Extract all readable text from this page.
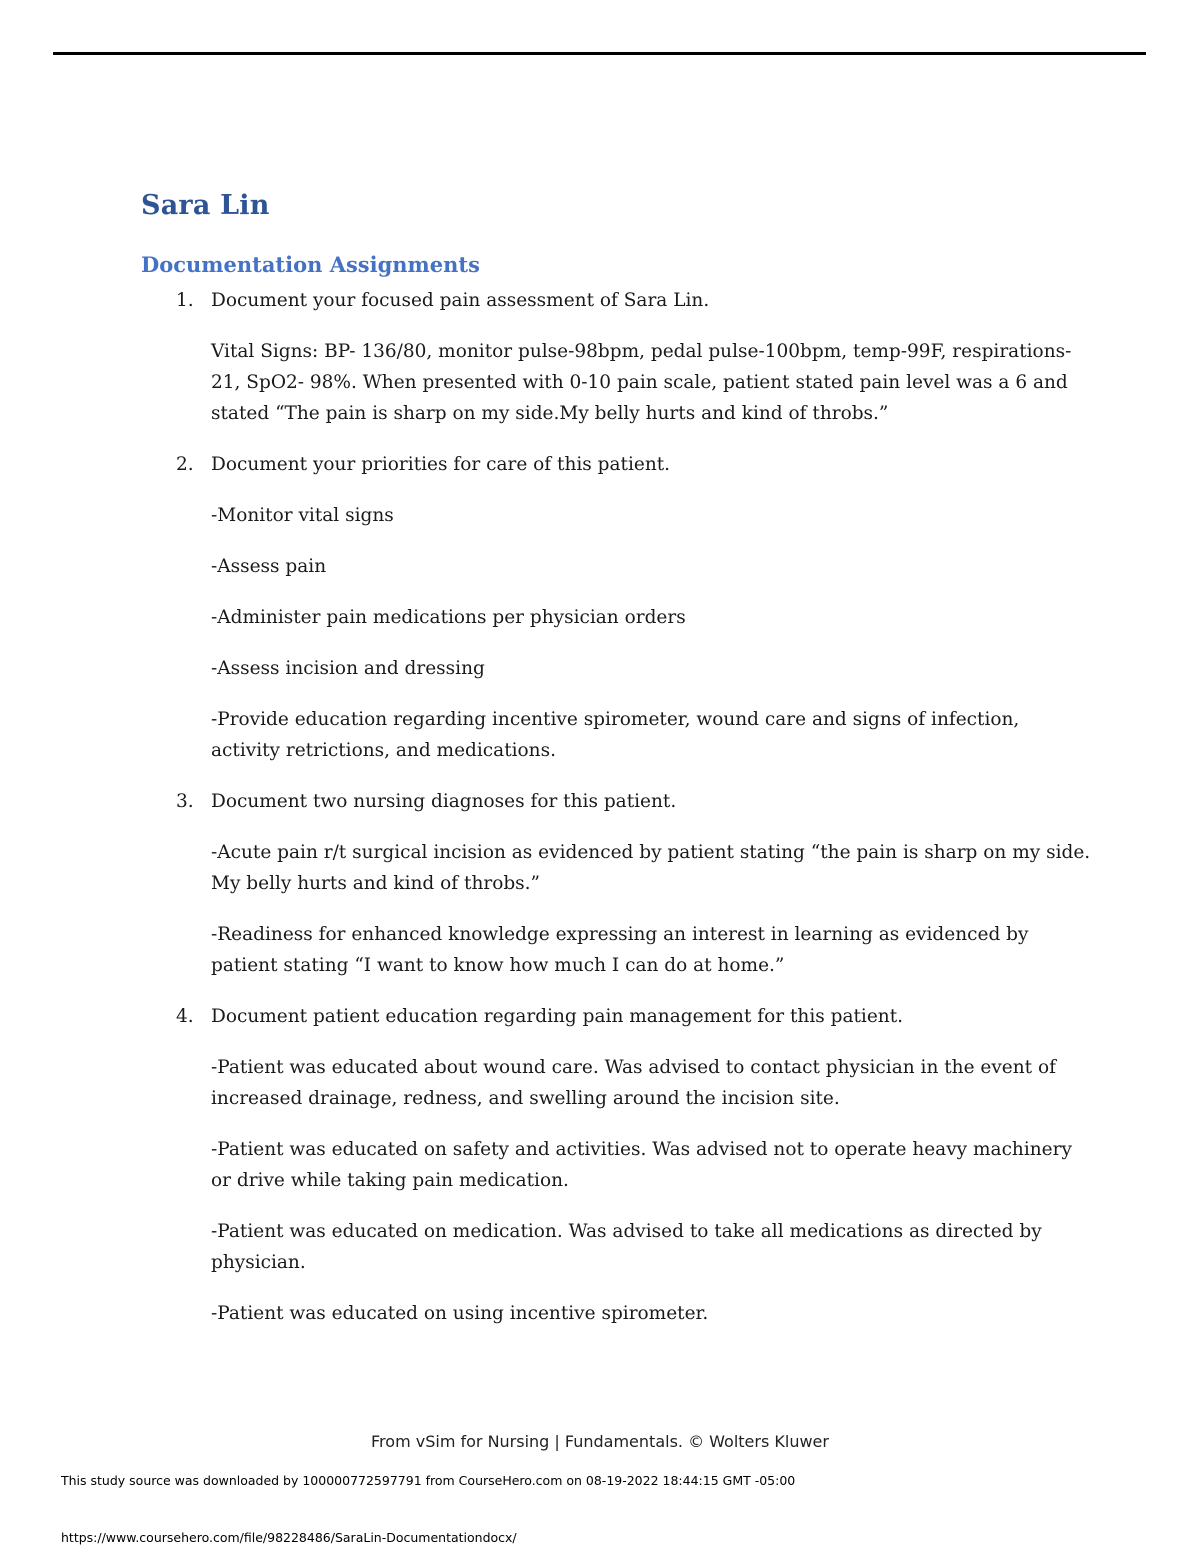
Sara Lin
Documentation Assignments
1. Document your focused pain assessment of Sara Lin.

Vital Signs: BP- 136/80, monitor pulse-98bpm, pedal pulse-100bpm, temp-99F, respirations- 21, SpO2- 98%. When presented with 0-10 pain scale, patient stated pain level was a 6 and stated “The pain is sharp on my side.My belly hurts and kind of throbs.”

2. Document your priorities for care of this patient.

-Monitor vital signs

-Assess pain

-Administer pain medications per physician orders

-Assess incision and dressing

-Provide education regarding incentive spirometer, wound care and signs of infection, activity retrictions, and medications.

3. Document two nursing diagnoses for this patient.

-Acute pain r/t surgical incision as evidenced by patient stating “the pain is sharp on my side. My belly hurts and kind of throbs.”

-Readiness for enhanced knowledge expressing an interest in learning as evidenced by patient stating “I want to know how much I can do at home.”

4. Document patient education regarding pain management for this patient.

-Patient was educated about wound care. Was advised to contact physician in the event of increased drainage, redness, and swelling around the incision site.

-Patient was educated on safety and activities. Was advised not to operate heavy machinery or drive while taking pain medication.

-Patient was educated on medication. Was advised to take all medications as directed by physician.

-Patient was educated on using incentive spirometer.

From vSim for Nursing | Fundamentals. © Wolters Kluwer
This study source was downloaded by 100000772597791 from CourseHero.com on 08-19-2022 18:44:15 GMT -05:00
https://www.coursehero.com/file/98228486/SaraLin-Documentationdocx/
